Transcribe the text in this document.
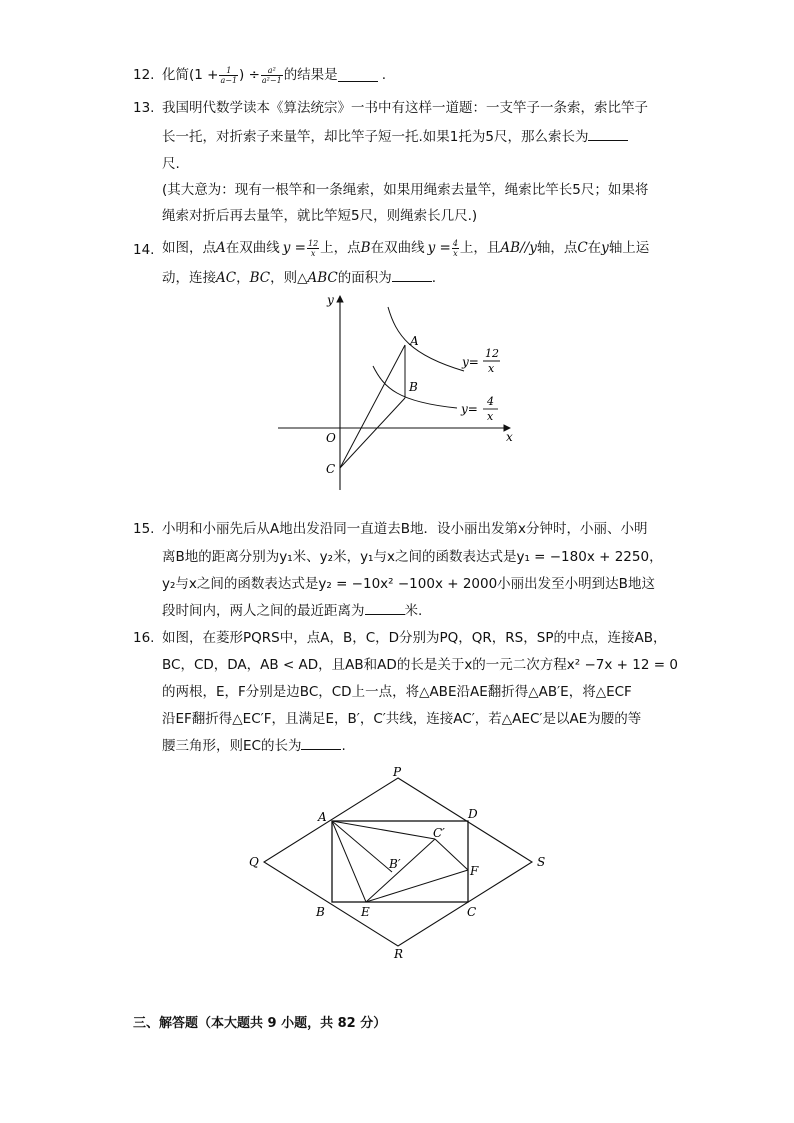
12. 化简($1 + \frac{1}{a-1}$ ) ÷ $\frac{\text{a²}}{\text{a²−1}}$ 的结果是	.
13. 我国明代数学读本《算法统宗》一书中有这样一道题：一支竿子一条索，索比竿子
长一托，对折索子来量竿，却比竿子短一托.如果1托为5尺，那么索长为
尺.
(其大意为：现有一根竿和一条绳索，如果用绳索去量竿，绳索比竿长5尺；如果将
绳索对折后再去量竿，就比竿短5尺，则绳索长几尺.)
14. 如图，点 A 在双曲线 $y = \frac{12}{x}$ 上，点 B 在双曲线 $y = \frac{4}{x}$ 上，且 AB//y 轴，点 C 在 y 轴上运
动，连接AC，BC，则△ABC的面积为	.
y
x
O
A
B
C
y=
12
x
y=
4
x
15. 小明和小丽先后从A地出发沿同一直道去B地．设小丽出发第x分钟时，小丽、小明
离B地的距离分别为y₁米、y₂米，y₁与x之间的函数表达式是y₁ = −180x + 2250，
y₂与x之间的函数表达式是y₂ = −10x² −100x + 2000小丽出发至小明到达B地这
段时间内，两人之间的最近距离为	米.
16. 如图，在菱形PQRS中，点A，B，C，D分别为PQ，QR，RS，SP的中点，连接AB，
BC，CD，DA，AB < AD，且AB和AD的长是关于x的一元二次方程x² −7x + 12 = 0
的两根，E，F分别是边BC，CD上一点，将△ABE沿AE翻折得△AB′E，将△ECF
沿EF翻折得△EC′F，且满足E，B′，C′共线，连接AC′，若△AEC′是以AE为腰的等
腰三角形，则EC的长为	.
P
Q
R
S
A
B	C
D
E
F
B′
C′
三、解答题（本大题共 9 小题，共 82 分）
